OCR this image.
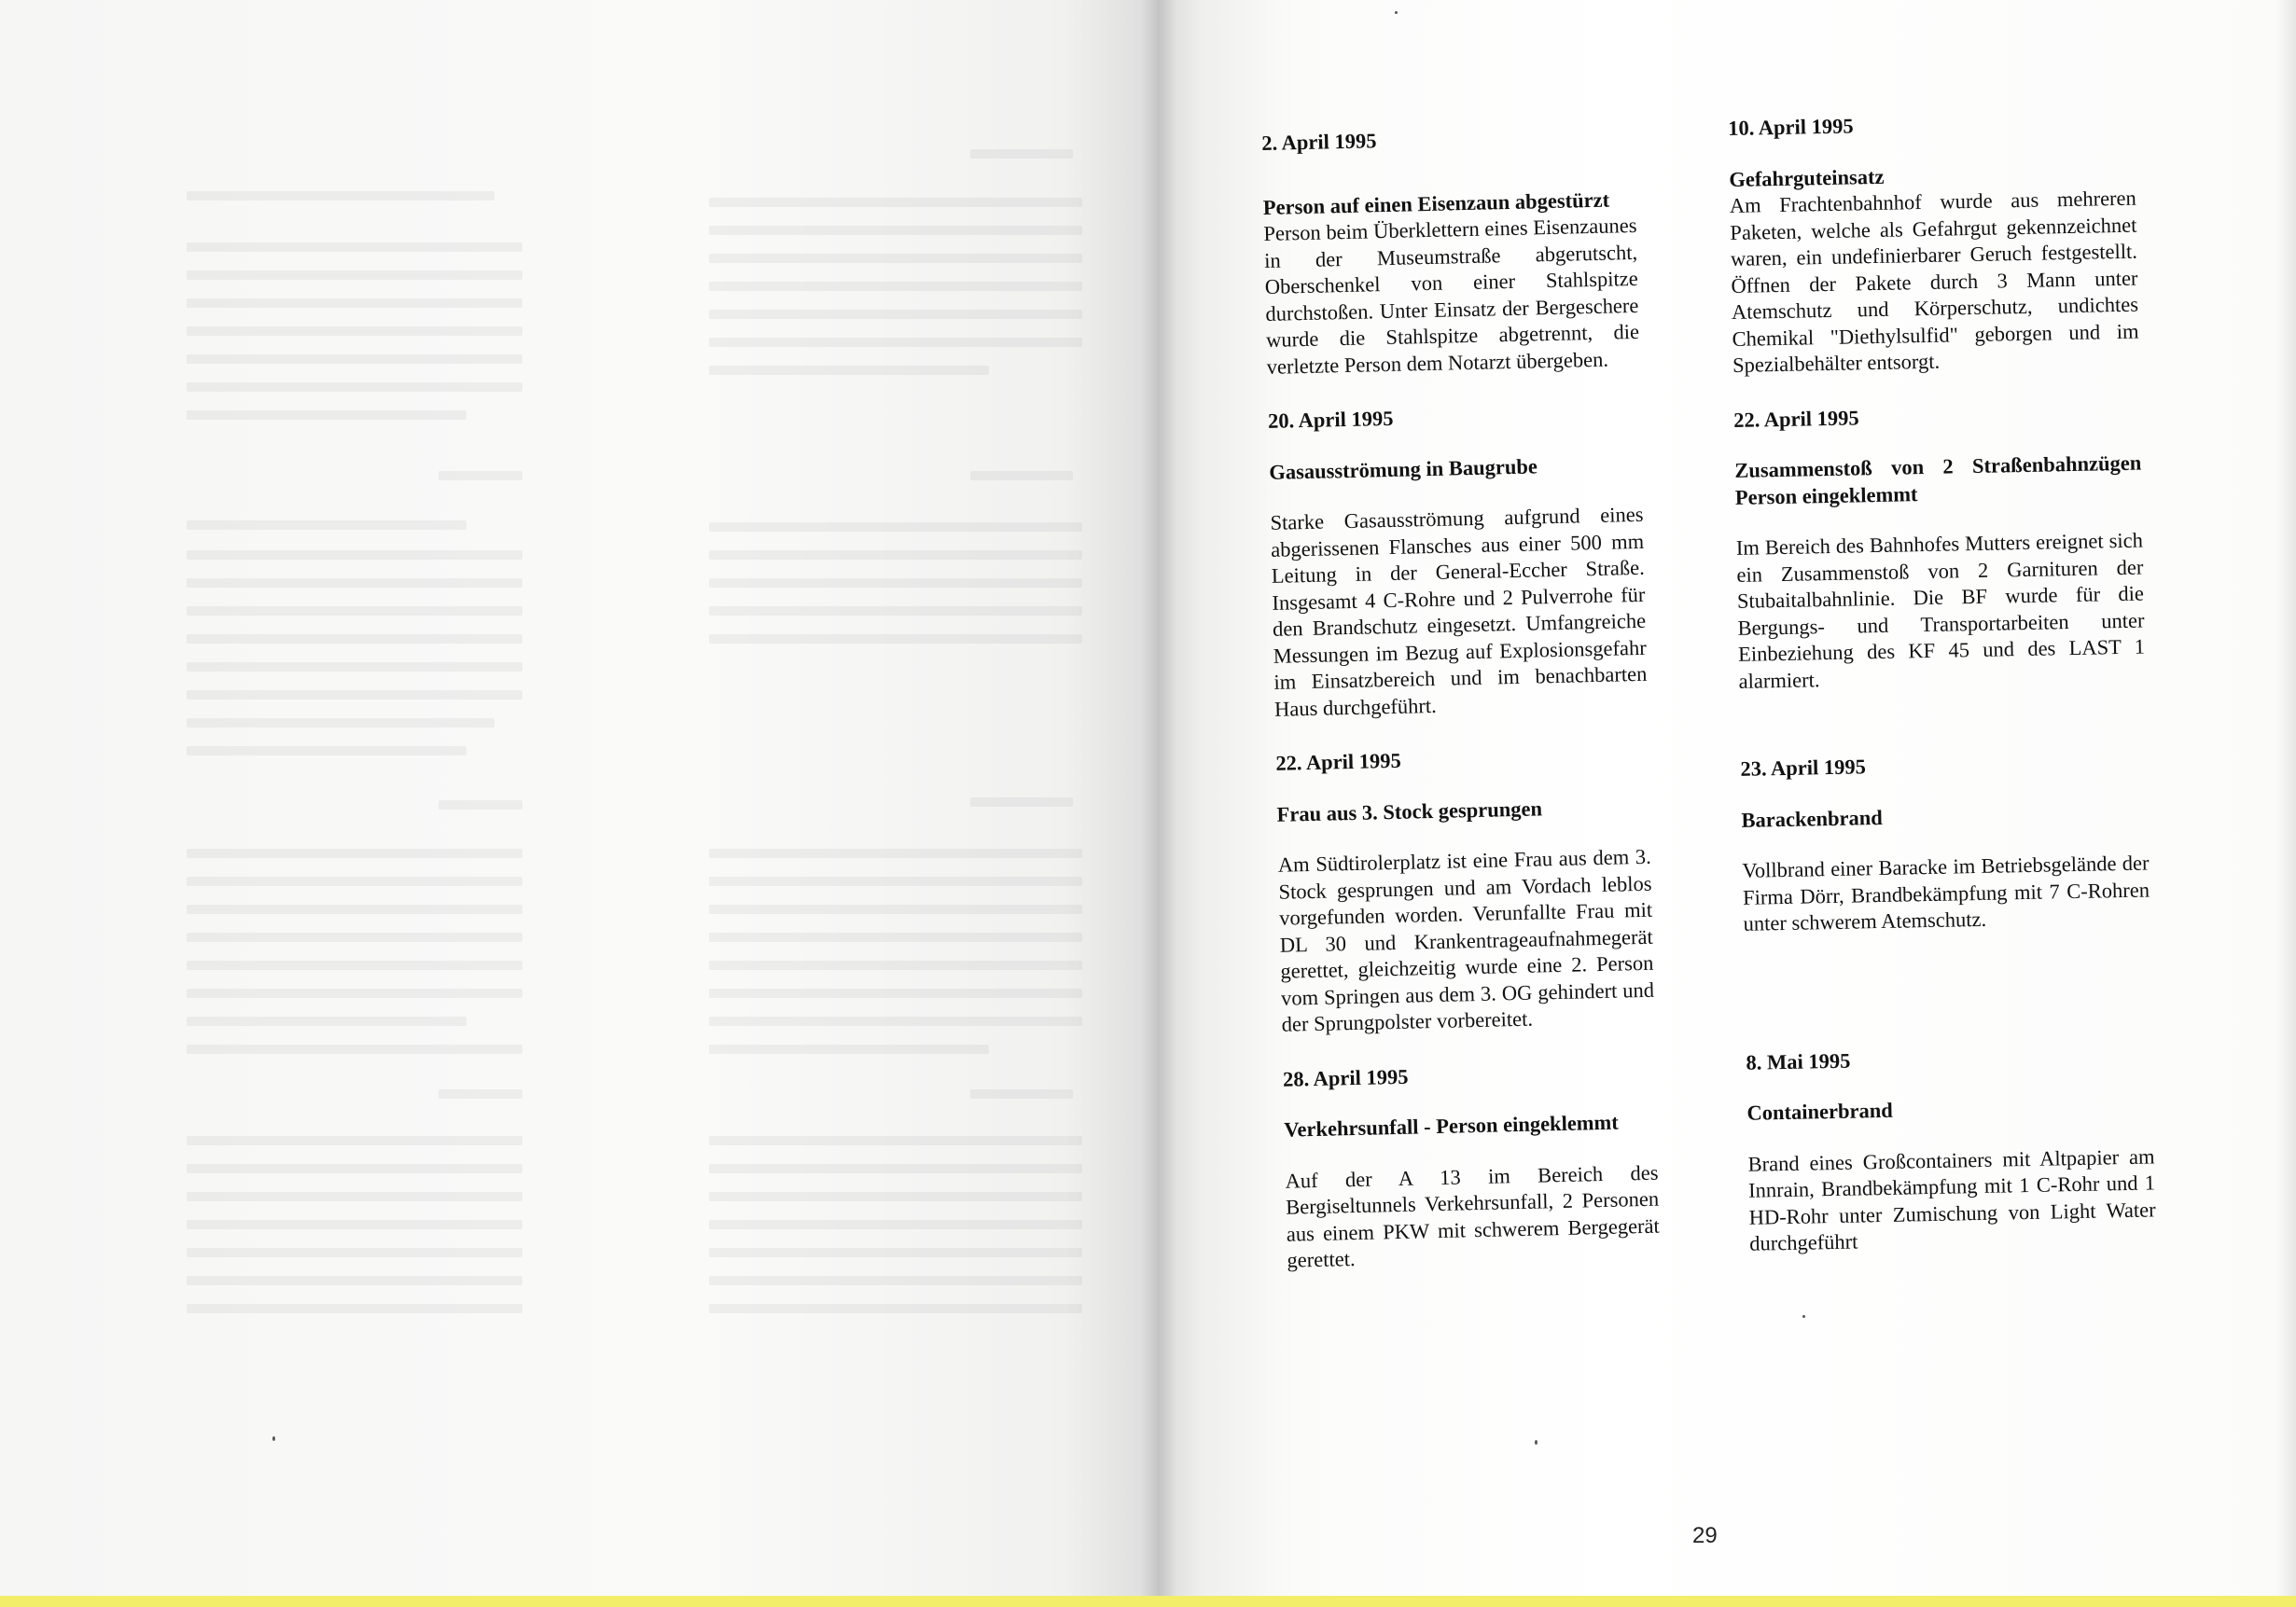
2. April 1995

Person auf einen Eisenzaun abgestürzt

Person beim Überklettern eines Eisenzaunes in der Museumstraße abgerutscht, Oberschenkel von einer Stahlspitze durchstoßen. Unter Einsatz der Bergeschere wurde die Stahlspitze abgetrennt, die verletzte Person dem Notarzt übergeben.

20. April 1995

Gasausströmung in Baugrube

Starke Gasausströmung aufgrund eines abgerissenen Flansches aus einer 500 mm Leitung in der General-Eccher Straße. Insgesamt 4 C-Rohre und 2 Pulverrohe für den Brandschutz eingesetzt. Umfangreiche Messungen im Bezug auf Explosionsgefahr im Einsatzbereich und im benachbarten Haus durchgeführt.

22. April 1995

Frau aus 3. Stock gesprungen

Am Südtirolerplatz ist eine Frau aus dem 3. Stock gesprungen und am Vordach leblos vorgefunden worden. Verunfallte Frau mit DL 30 und Krankentrageaufnahmegerät gerettet, gleichzeitig wurde eine 2. Person vom Springen aus dem 3. OG gehindert und der Sprungpolster vorbereitet.

28. April 1995

Verkehrsunfall - Person eingeklemmt

Auf der A 13 im Bereich des Bergiseltunnels Verkehrsunfall, 2 Personen aus einem PKW mit schwerem Bergegerät gerettet.

10. April 1995

Gefahrguteinsatz

Am Frachtenbahnhof wurde aus mehreren Paketen, welche als Gefahrgut gekennzeichnet waren, ein undefinierbarer Geruch festgestellt. Öffnen der Pakete durch 3 Mann unter Atemschutz und Körperschutz, undichtes Chemikal "Diethylsulfid" geborgen und im Spezialbehälter entsorgt.

22. April 1995

Zusammenstoß von 2 Straßenbahnzügen Person eingeklemmt

Im Bereich des Bahnhofes Mutters ereignet sich ein Zusammenstoß von 2 Garnituren der Stubaitalbahnlinie. Die BF wurde für die Bergungs- und Transportarbeiten unter Einbeziehung des KF 45 und des LAST 1 alarmiert.

23. April 1995

Barackenbrand

Vollbrand einer Baracke im Betriebsgelände der Firma Dörr, Brandbekämpfung mit 7 C-Rohren unter schwerem Atemschutz.

8. Mai 1995

Containerbrand

Brand eines Großcontainers mit Altpapier am Innrain, Brandbekämpfung mit 1 C-Rohr und 1 HD-Rohr unter Zumischung von Light Water durchgeführt

29
